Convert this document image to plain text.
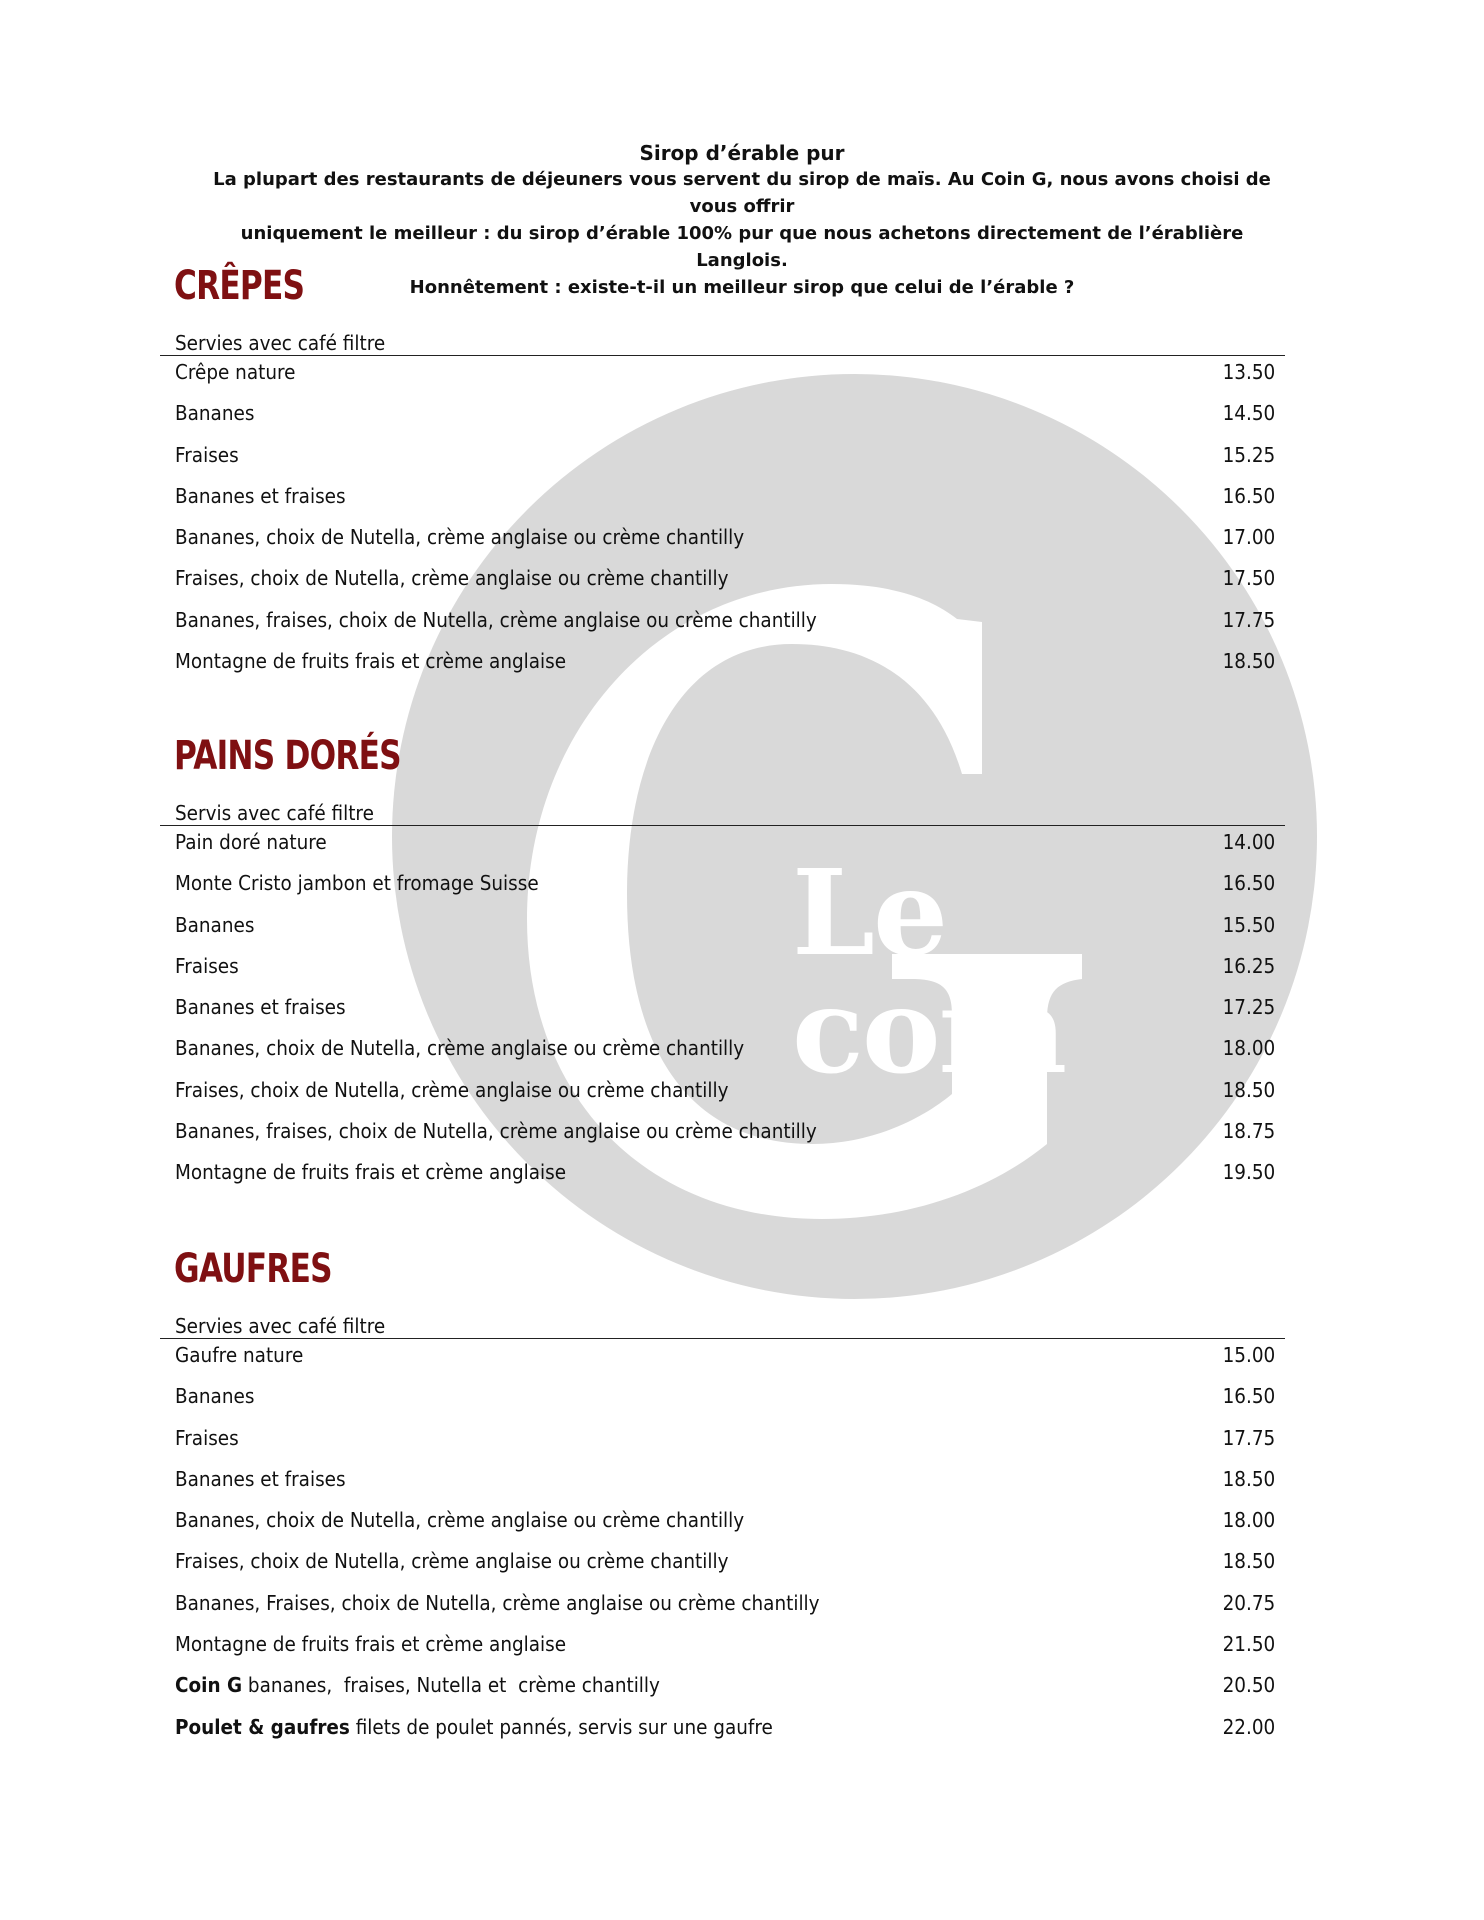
Le coin
Sirop d’érable pur
La plupart des restaurants de déjeuners vous servent du sirop de maïs. Au Coin G, nous avons choisi de vous offrir
uniquement le meilleur : du sirop d’érable 100% pur que nous achetons directement de l’érablière Langlois.
Honnêtement : existe-t-il un meilleur sirop que celui de l’érable ?
CRÊPES
Servies avec café filtre
Crêpe nature	13.50
Bananes	14.50
Fraises	15.25
Bananes et fraises	16.50
Bananes, choix de Nutella, crème anglaise ou crème chantilly	17.00
Fraises, choix de Nutella, crème anglaise ou crème chantilly	17.50
Bananes, fraises, choix de Nutella, crème anglaise ou crème chantilly	17.75
Montagne de fruits frais et crème anglaise	18.50
PAINS DORÉS
Servis avec café filtre
Pain doré nature	14.00
Monte Cristo jambon et fromage Suisse	16.50
Bananes	15.50
Fraises	16.25
Bananes et fraises	17.25
Bananes, choix de Nutella, crème anglaise ou crème chantilly	18.00
Fraises, choix de Nutella, crème anglaise ou crème chantilly	18.50
Bananes, fraises, choix de Nutella, crème anglaise ou crème chantilly	18.75
Montagne de fruits frais et crème anglaise	19.50
GAUFRES
Servies avec café filtre
Gaufre nature	15.00
Bananes	16.50
Fraises	17.75
Bananes et fraises	18.50
Bananes, choix de Nutella, crème anglaise ou crème chantilly	18.00
Fraises, choix de Nutella, crème anglaise ou crème chantilly	18.50
Bananes, Fraises, choix de Nutella, crème anglaise ou crème chantilly	20.75
Montagne de fruits frais et crème anglaise	21.50
Coin G bananes,  fraises, Nutella et  crème chantilly	20.50
Poulet & gaufres filets de poulet pannés, servis sur une gaufre	22.00
